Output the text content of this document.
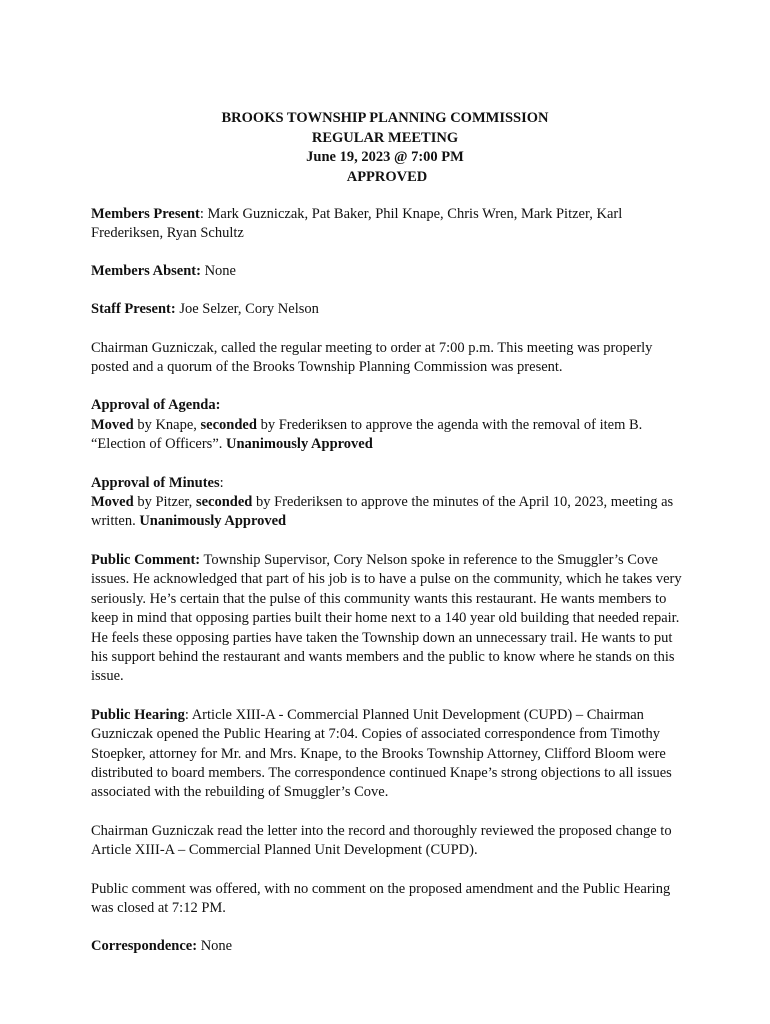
BROOKS TOWNSHIP PLANNING COMMISSION
REGULAR MEETING
June 19, 2023 @ 7:00 PM
APPROVED

Members Present: Mark Guzniczak, Pat Baker, Phil Knape, Chris Wren, Mark Pitzer, Karl Frederiksen, Ryan Schultz

Members Absent: None

Staff Present: Joe Selzer, Cory Nelson

Chairman Guzniczak, called the regular meeting to order at 7:00 p.m. This meeting was properly posted and a quorum of the Brooks Township Planning Commission was present.

Approval of Agenda:
Moved by Knape, seconded by Frederiksen to approve the agenda with the removal of item B. “Election of Officers”. Unanimously Approved

Approval of Minutes:
Moved by Pitzer, seconded by Frederiksen to approve the minutes of the April 10, 2023, meeting as written. Unanimously Approved

Public Comment: Township Supervisor, Cory Nelson spoke in reference to the Smuggler’s Cove issues. He acknowledged that part of his job is to have a pulse on the community, which he takes very seriously. He’s certain that the pulse of this community wants this restaurant. He wants members to keep in mind that opposing parties built their home next to a 140 year old building that needed repair. He feels these opposing parties have taken the Township down an unnecessary trail. He wants to put his support behind the restaurant and wants members and the public to know where he stands on this issue.

Public Hearing: Article XIII-A - Commercial Planned Unit Development (CUPD) – Chairman Guzniczak opened the Public Hearing at 7:04. Copies of associated correspondence from Timothy Stoepker, attorney for Mr. and Mrs. Knape, to the Brooks Township Attorney, Clifford Bloom were distributed to board members. The correspondence continued Knape’s strong objections to all issues associated with the rebuilding of Smuggler’s Cove.

Chairman Guzniczak read the letter into the record and thoroughly reviewed the proposed change to Article XIII-A – Commercial Planned Unit Development (CUPD).

Public comment was offered, with no comment on the proposed amendment and the Public Hearing was closed at 7:12 PM.

Correspondence: None
